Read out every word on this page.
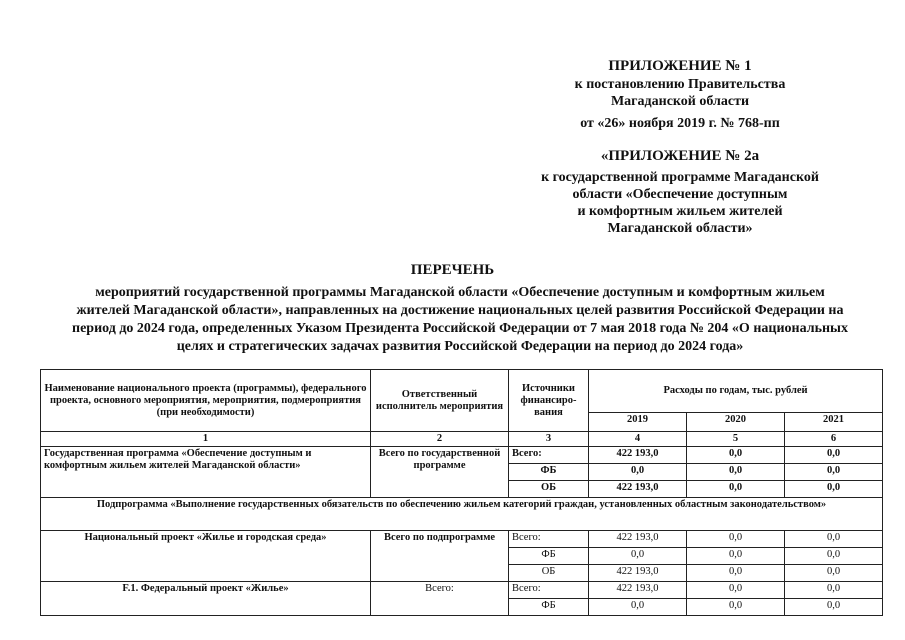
ПРИЛОЖЕНИЕ № 1
к постановлению Правительства
Магаданской области
от «26» ноября 2019 г. № 768-пп
«ПРИЛОЖЕНИЕ № 2а
к государственной программе Магаданской
области «Обеспечение доступным
и комфортным жильем жителей
Магаданской области»
ПЕРЕЧЕНЬ
мероприятий государственной программы Магаданской области «Обеспечение доступным и комфортным жильем
жителей Магаданской области», направленных на достижение национальных целей развития Российской Федерации на
период до 2024 года, определенных Указом Президента Российской Федерации от 7 мая 2018 года № 204 «О национальных
целях и стратегических задачах развития Российской Федерации на период до 2024 года»
Наименование национального проекта (программы), федерального проекта, основного мероприятия, мероприятия, подмероприятия (при необходимости)	Ответственный исполнитель мероприятия	Источники финансиро-вания	Расходы по годам, тыс. рублей		
			2019	2020	2021
1	2	3	4	5	6
Государственная программа «Обеспечение доступным и комфортным жильем жителей Магаданской области»	Всего по государственной программе	Всего:	422 193,0	0,0	0,0
		ФБ	0,0	0,0	0,0
		ОБ	422 193,0	0,0	0,0
Подпрограмма «Выполнение государственных обязательств по обеспечению жильем категорий граждан, установленных областным законодательством»					
Национальный проект «Жилье и городская среда»	Всего по подпрограмме	Всего:	422 193,0	0,0	0,0
		ФБ	0,0	0,0	0,0
		ОБ	422 193,0	0,0	0,0
F.1. Федеральный проект «Жилье»	Всего:	Всего:	422 193,0	0,0	0,0
		ФБ	0,0	0,0	0,0
